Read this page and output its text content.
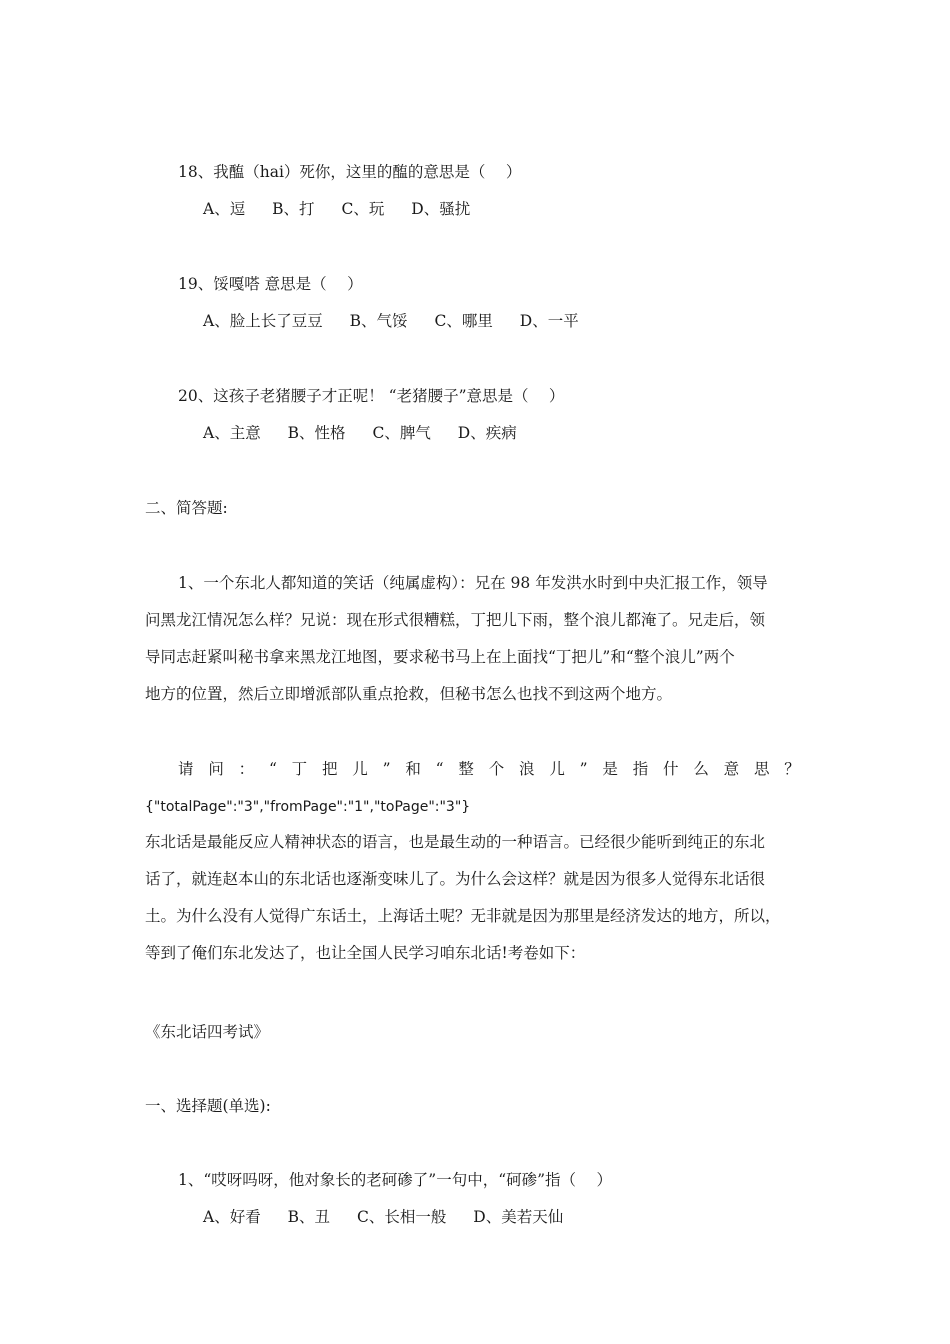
18、我醢（hai）死你，这里的醢的意思是（　 ）
A、逗 B、打 C、玩 D、骚扰
19、馁嘎嗒 意思是（　 ）
A、脸上长了豆豆 B、气馁 C、哪里 D、一平
20、这孩子老猪腰子才正呢！ “老猪腰子”意思是（　 ）
A、主意 B、性格 C、脾气 D、疾病
二、简答题:

1、一个东北人都知道的笑话（纯属虚构）：兄在 98 年发洪水时到中央汇报工作，领导

问黑龙江情况怎么样？兄说：现在形式很糟糕，丁把儿下雨，整个浪儿都淹了。兄走后，领

导同志赶紧叫秘书拿来黑龙江地图，要求秘书马上在上面找“丁把儿”和“整个浪儿”两个

地方的位置，然后立即增派部队重点抢救，但秘书怎么也找不到这两个地方。

请 问 ： “ 丁 把 儿 ” 和 “ 整 个 浪 儿 ” 是 指 什 么 意 思 ？
{"totalPage":"3","fromPage":"1","toPage":"3"}

东北话是最能反应人精神状态的语言，也是最生动的一种语言。已经很少能听到纯正的东北

话了，就连赵本山的东北话也逐渐变味儿了。为什么会这样？就是因为很多人觉得东北话很

土。为什么没有人觉得广东话土，上海话土呢？无非就是因为那里是经济发达的地方，所以，

等到了俺们东北发达了，也让全国人民学习咱东北话!考卷如下：

《东北话四考试》
一、选择题(单选):
1、“哎呀吗呀，他对象长的老砢碜了”一句中，“砢碜”指（　 ）
A、好看 B、丑 C、长相一般 D、美若天仙
